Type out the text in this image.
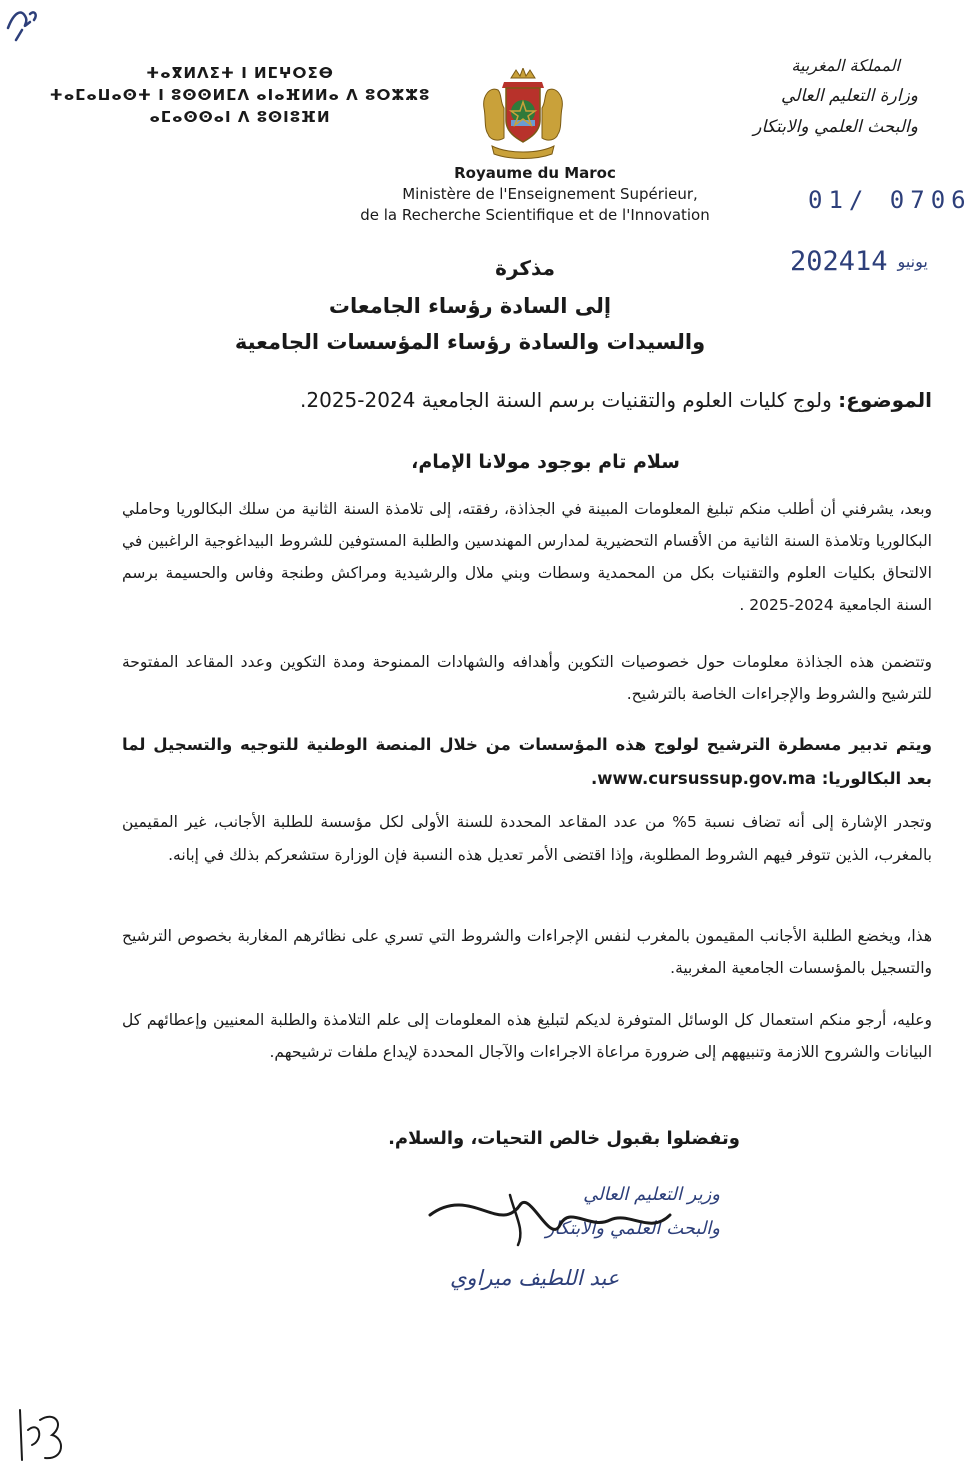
ⵜⴰⴳⵍⴷⵉⵜ ⵏ ⵍⵎⵖⵔⵉⴱ
ⵜⴰⵎⴰⵡⴰⵙⵜ ⵏ ⵓⵙⵙⵍⵎⴷ ⴰⵏⴰⴼⵍⵍⴰ ⴷ ⵓⵔⵣⵣⵓ
ⴰⵎⴰⵙⵙⴰⵏ ⴷ ⵓⵙⵏⵓⴼⵍ
المملكة المغربية
وزارة التعليم العالي
والبحث العلمي والابتكار
Royaume du Maroc
Ministère de l'Enseignement Supérieur,
de la Recherche Scientifique et de l'Innovation
01/ 0706
2024	يونيو14
مذكرة
إلى السادة رؤساء الجامعات
والسيدات والسادة رؤساء المؤسسات الجامعية
الموضوع: ولوج كليات العلوم والتقنيات برسم السنة الجامعية 2024-2025.
سلام تام بوجود مولانا الإمام،
وبعد، يشرفني أن أطلب منكم تبليغ المعلومات المبينة في الجذاذة، رفقته، إلى تلامذة السنة الثانية من سلك البكالوريا وحاملي البكالوريا وتلامذة السنة الثانية من الأقسام التحضيرية لمدارس المهندسين والطلبة المستوفين للشروط البيداغوجية الراغبين في الالتحاق بكليات العلوم والتقنيات بكل من المحمدية وسطات وبني ملال والرشيدية ومراكش وطنجة وفاس والحسيمة برسم السنة الجامعية 2024-2025 .
وتتضمن هذه الجذاذة معلومات حول خصوصيات التكوين وأهدافه والشهادات الممنوحة ومدة التكوين وعدد المقاعد المفتوحة للترشيح والشروط والإجراءات الخاصة بالترشيح.
ويتم تدبير مسطرة الترشيح لولوج هذه المؤسسات من خلال المنصة الوطنية للتوجيه والتسجيل لما بعد البكالوريا: www.cursussup.gov.ma.
وتجدر الإشارة إلى أنه تضاف نسبة 5% من عدد المقاعد المحددة للسنة الأولى لكل مؤسسة للطلبة الأجانب، غير المقيمين بالمغرب، الذين تتوفر فيهم الشروط المطلوبة، وإذا اقتضى الأمر تعديل هذه النسبة فإن الوزارة ستشعركم بذلك في إبانه.
هذا، ويخضع الطلبة الأجانب المقيمون بالمغرب لنفس الإجراءات والشروط التي تسري على نظائرهم المغاربة بخصوص الترشيح والتسجيل بالمؤسسات الجامعية المغربية.
وعليه، أرجو منكم استعمال كل الوسائل المتوفرة لديكم لتبليغ هذه المعلومات إلى علم التلامذة والطلبة المعنيين وإعطائهم كل البيانات والشروح اللازمة وتنبيههم إلى ضرورة مراعاة الاجراءات والآجال المحددة لإيداع ملفات ترشيحهم.
وتفضلوا بقبول خالص التحيات، والسلام.
وزير التعليم العالي
والبحث العلمي والابتكار
عبد اللطيف ميراوي
